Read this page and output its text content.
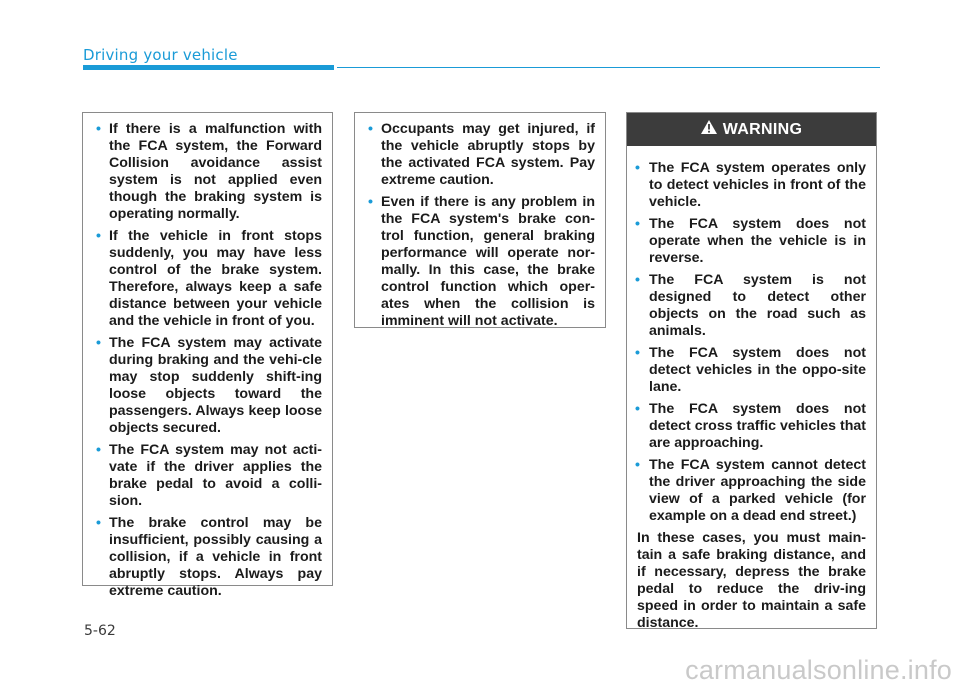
Driving your vehicle
• If there is a malfunction with the FCA system, the Forward Collision avoidance assist system is not applied even though the braking system is operating normally.
• If the vehicle in front stops suddenly, you may have less control of the brake system. Therefore, always keep a safe distance between your vehicle and the vehicle in front of you.
• The FCA system may activate during braking and the vehi-cle may stop suddenly shift-ing loose objects toward the passengers. Always keep loose objects secured.
• The FCA system may not acti-vate if the driver applies the brake pedal to avoid a colli-sion.
• The brake control may be insufficient, possibly causing a collision, if a vehicle in front abruptly stops. Always pay extreme caution.
• Occupants may get injured, if the vehicle abruptly stops by the activated FCA system. Pay extreme caution.
• Even if there is any problem in the FCA system's brake con-trol function, general braking performance will operate nor-mally. In this case, the brake control function which oper-ates when the collision is imminent will not activate.
WARNING
• The FCA system operates only to detect vehicles in front of the vehicle.
• The FCA system does not operate when the vehicle is in reverse.
• The FCA system is not designed to detect other objects on the road such as animals.
• The FCA system does not detect vehicles in the oppo-site lane.
• The FCA system does not detect cross traffic vehicles that are approaching.
• The FCA system cannot detect the driver approaching the side view of a parked vehicle (for example on a dead end street.)
In these cases, you must main-tain a safe braking distance, and if necessary, depress the brake pedal to reduce the driv-ing speed in order to maintain a safe distance.
5-62
carmanualsonline.info
